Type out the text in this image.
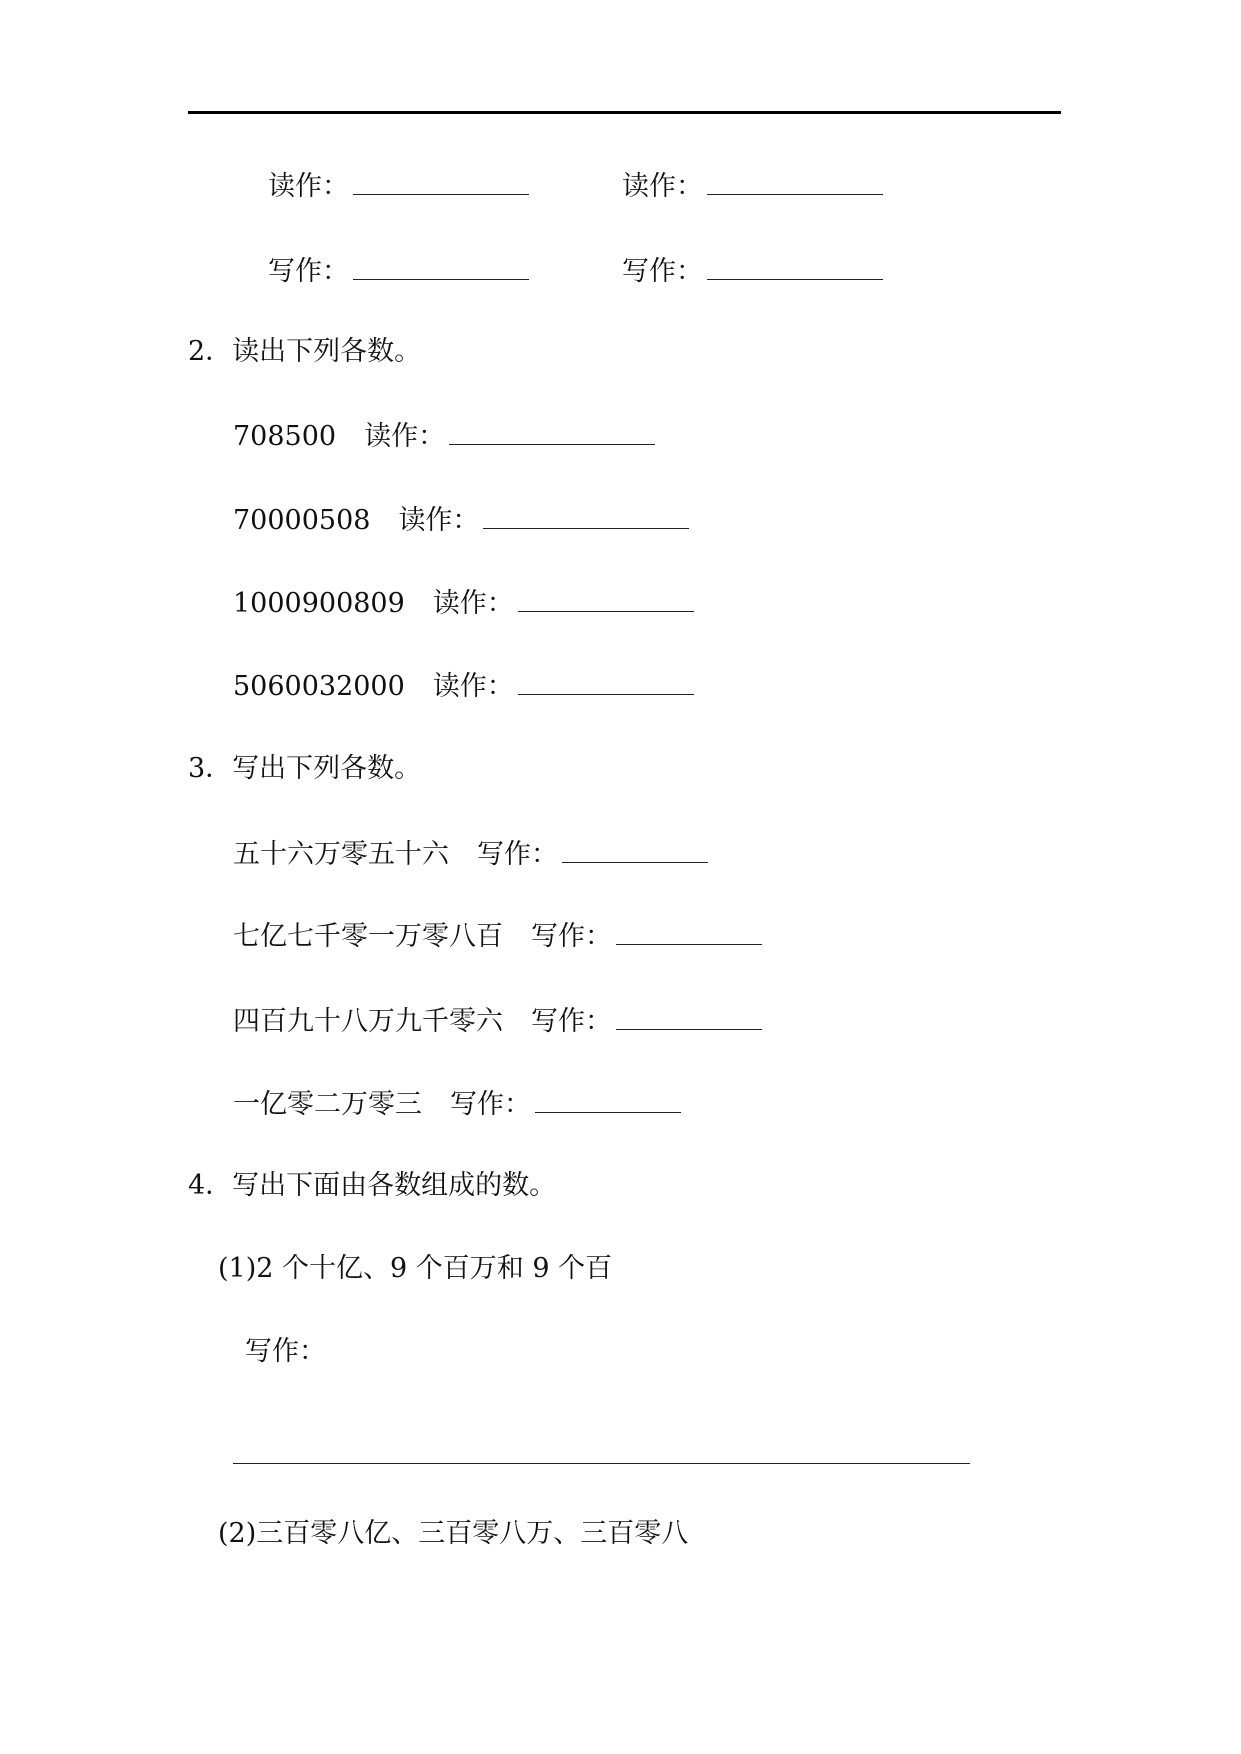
读作：	读作：
写作：	写作：
2．读出下列各数。
708500 读作：
70000508 读作：
1000900809 读作：
5060032000 读作：
3．写出下列各数。
五十六万零五十六 写作：
七亿七千零一万零八百 写作：
四百九十八万九千零六 写作：
一亿零二万零三 写作：
4．写出下面由各数组成的数。
(1)2 个十亿、9 个百万和 9 个百
写作：
(2)三百零八亿、三百零八万、三百零八
